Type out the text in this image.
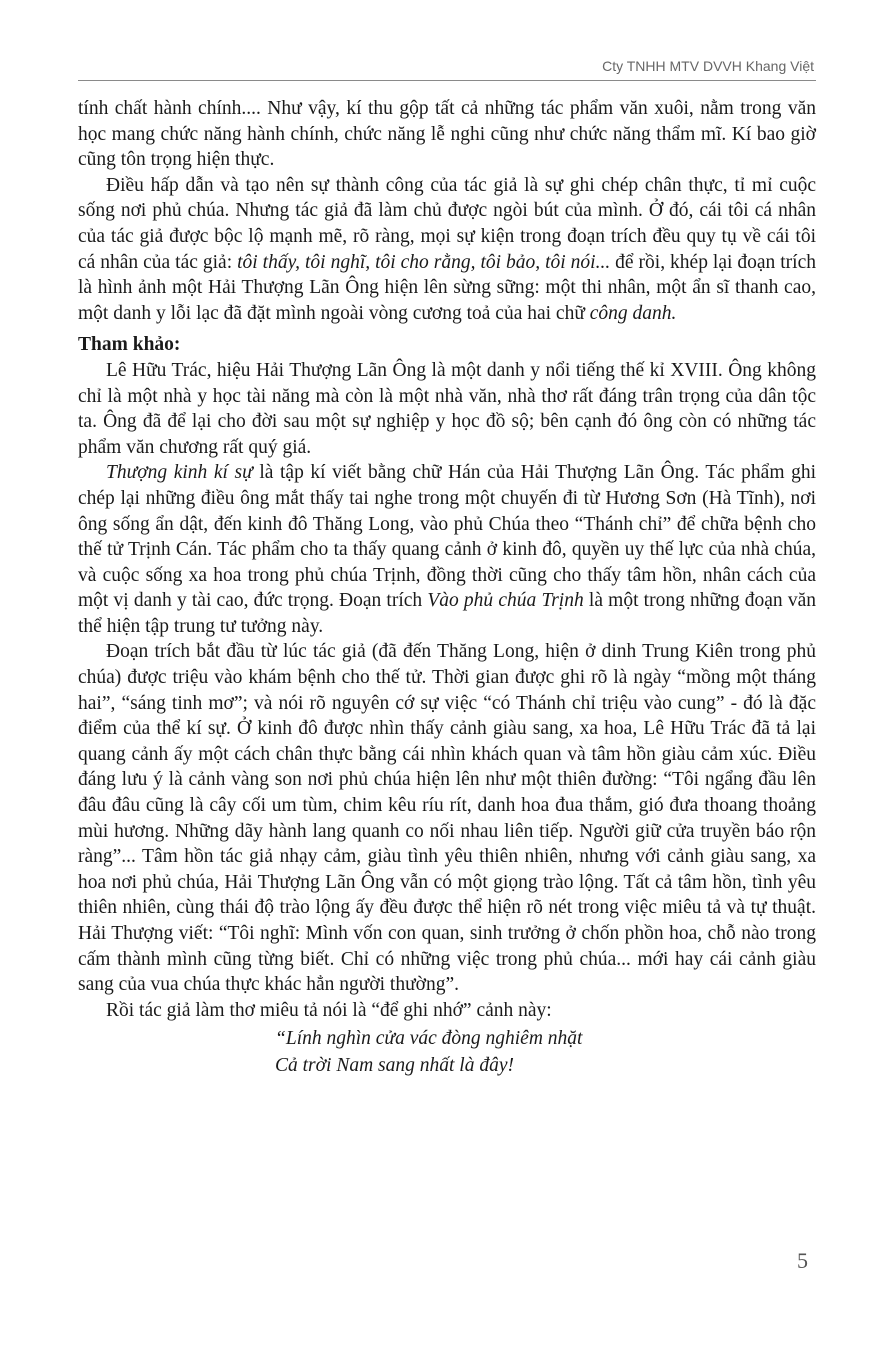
Cty TNHH MTV DVVH Khang Việt

tính chất hành chính.... Như vậy, kí thu gộp tất cả những tác phẩm văn xuôi, nằm trong văn học mang chức năng hành chính, chức năng lễ nghi cũng như chức năng thẩm mĩ. Kí bao giờ cũng tôn trọng hiện thực.

Điều hấp dẫn và tạo nên sự thành công của tác giả là sự ghi chép chân thực, tỉ mỉ cuộc sống nơi phủ chúa. Nhưng tác giả đã làm chủ được ngòi bút của mình. Ở đó, cái tôi cá nhân của tác giả được bộc lộ mạnh mẽ, rõ ràng, mọi sự kiện trong đoạn trích đều quy tụ về cái tôi cá nhân của tác giả: tôi thấy, tôi nghĩ, tôi cho rằng, tôi bảo, tôi nói... để rồi, khép lại đoạn trích là hình ảnh một Hải Thượng Lãn Ông hiện lên sừng sững: một thi nhân, một ẩn sĩ thanh cao, một danh y lỗi lạc đã đặt mình ngoài vòng cương toả của hai chữ công danh.

Tham khảo:

Lê Hữu Trác, hiệu Hải Thượng Lãn Ông là một danh y nổi tiếng thế kỉ XVIII. Ông không chỉ là một nhà y học tài năng mà còn là một nhà văn, nhà thơ rất đáng trân trọng của dân tộc ta. Ông đã để lại cho đời sau một sự nghiệp y học đồ sộ; bên cạnh đó ông còn có những tác phẩm văn chương rất quý giá.

Thượng kinh kí sự là tập kí viết bằng chữ Hán của Hải Thượng Lãn Ông. Tác phẩm ghi chép lại những điều ông mắt thấy tai nghe trong một chuyến đi từ Hương Sơn (Hà Tĩnh), nơi ông sống ẩn dật, đến kinh đô Thăng Long, vào phủ Chúa theo “Thánh chỉ” để chữa bệnh cho thế tử Trịnh Cán. Tác phẩm cho ta thấy quang cảnh ở kinh đô, quyền uy thế lực của nhà chúa, và cuộc sống xa hoa trong phủ chúa Trịnh, đồng thời cũng cho thấy tâm hồn, nhân cách của một vị danh y tài cao, đức trọng. Đoạn trích Vào phủ chúa Trịnh là một trong những đoạn văn thể hiện tập trung tư tưởng này.

Đoạn trích bắt đầu từ lúc tác giả (đã đến Thăng Long, hiện ở dinh Trung Kiên trong phủ chúa) được triệu vào khám bệnh cho thế tử. Thời gian được ghi rõ là ngày “mồng một tháng hai”, “sáng tinh mơ”; và nói rõ nguyên cớ sự việc “có Thánh chỉ triệu vào cung” - đó là đặc điểm của thể kí sự. Ở kinh đô được nhìn thấy cảnh giàu sang, xa hoa, Lê Hữu Trác đã tả lại quang cảnh ấy một cách chân thực bằng cái nhìn khách quan và tâm hồn giàu cảm xúc. Điều đáng lưu ý là cảnh vàng son nơi phủ chúa hiện lên như một thiên đường: “Tôi ngẩng đầu lên đâu đâu cũng là cây cối um tùm, chim kêu ríu rít, danh hoa đua thắm, gió đưa thoang thoảng mùi hương. Những dãy hành lang quanh co nối nhau liên tiếp. Người giữ cửa truyền báo rộn ràng”... Tâm hồn tác giả nhạy cảm, giàu tình yêu thiên nhiên, nhưng với cảnh giàu sang, xa hoa nơi phủ chúa, Hải Thượng Lãn Ông vẫn có một giọng trào lộng. Tất cả tâm hồn, tình yêu thiên nhiên, cùng thái độ trào lộng ấy đều được thể hiện rõ nét trong việc miêu tả và tự thuật. Hải Thượng viết: “Tôi nghĩ: Mình vốn con quan, sinh trưởng ở chốn phồn hoa, chỗ nào trong cấm thành mình cũng từng biết. Chỉ có những việc trong phủ chúa... mới hay cái cảnh giàu sang của vua chúa thực khác hẳn người thường”.

Rồi tác giả làm thơ miêu tả nói là “để ghi nhớ” cảnh này:

“Lính nghìn cửa vác đòng nghiêm nhặt
Cả trời Nam sang nhất là đây!
5
